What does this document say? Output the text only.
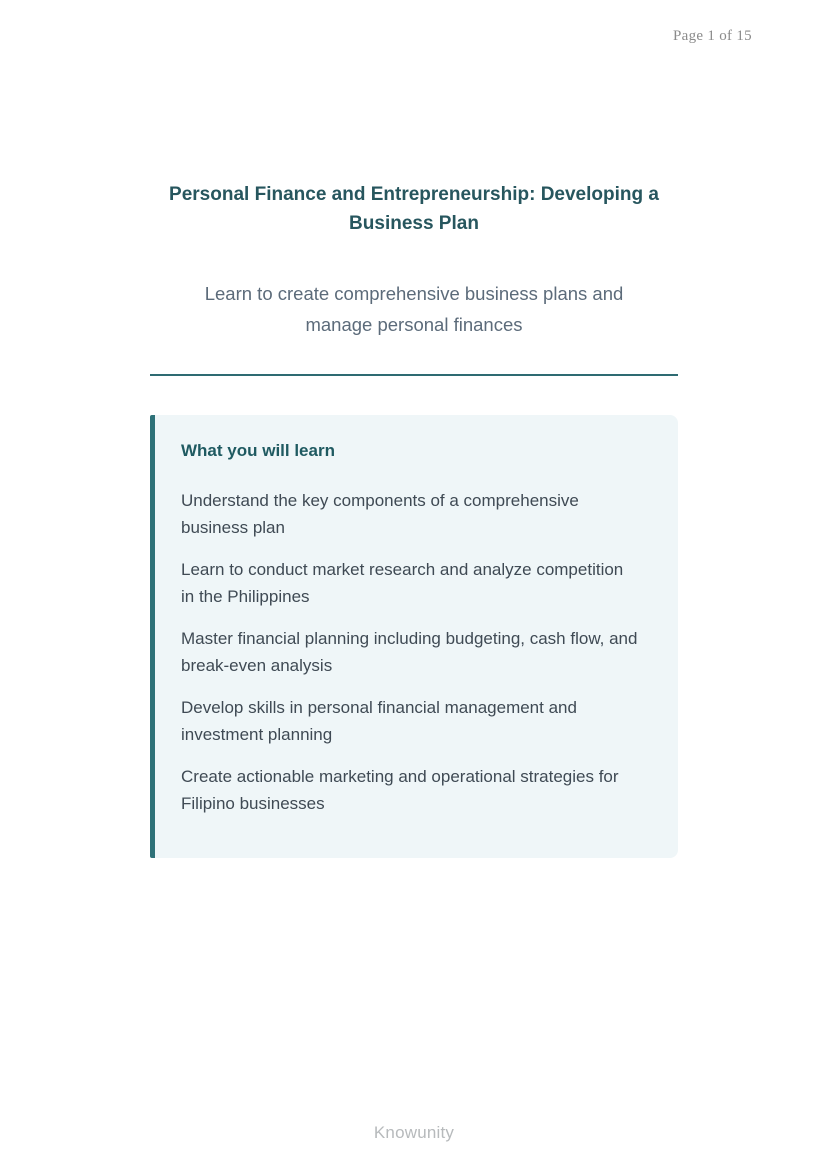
Page 1 of 15
Personal Finance and Entrepreneurship: Developing a Business Plan

Learn to create comprehensive business plans and manage personal finances

What you will learn
Understand the key components of a comprehensive business plan
Learn to conduct market research and analyze competition in the Philippines
Master financial planning including budgeting, cash flow, and break-even analysis
Develop skills in personal financial management and investment planning
Create actionable marketing and operational strategies for Filipino businesses
Knowunity
